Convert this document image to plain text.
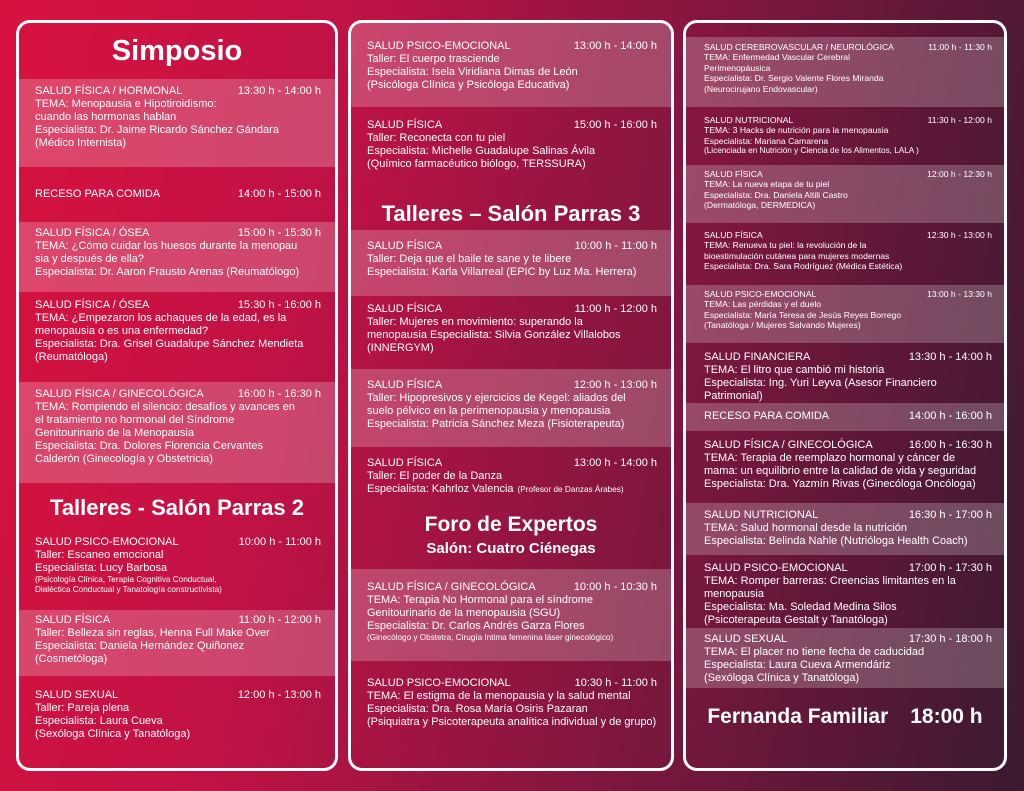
Simposio
SALUD FÍSICA / HORMONAL	13:30 h - 14:00 h
TEMA: Menopausia e Hipotiroidismo:
cuando las hormonas hablan
Especialista: Dr. Jaime Ricardo Sánchez Gándara
(Médico Internista)
RECESO PARA COMIDA	14:00 h - 15:00 h
SALUD FÍSICA / ÓSEA	15:00 h - 15:30 h
TEMA: ¿Cómo cuidar los huesos durante la menopau
sia y después de ella?
Especialista: Dr. Aaron Frausto Arenas (Reumatólogo)
SALUD FÍSICA / ÓSEA	15:30 h - 16:00 h
TEMA: ¿Empezaron los achaques de la edad, es la
menopausia o es una enfermedad?
Especialista: Dra. Grisel Guadalupe Sánchez Mendieta
(Reumatóloga)
SALUD FÍSICA / GINECOLÓGICA	16:00 h - 16:30 h
TEMA: Rompiendo el silencio: desafíos y avances en
el tratamiento no hormonal del Síndrome
Genitourinario de la Menopausia
Especialista: Dra. Dolores Florencia Cervantes
Calderón (Ginecología y Obstetricia)
Talleres - Salón Parras 2
SALUD PSICO-EMOCIONAL	10:00 h - 11:00 h
Taller: Escaneo emocional
Especialista: Lucy Barbosa
(Psicología Clínica, Terapia Cognitiva Conductual,
Dialéctica Conductual y Tanatología constructivista)
SALUD FÍSICA	11:00 h - 12:00 h
Taller: Belleza sin reglas, Henna Full Make Over
Especialista: Daniela Hernández Quiñonez
(Cosmetóloga)
SALUD SEXUAL	12:00 h - 13:00 h
Taller: Pareja plena
Especialista: Laura Cueva
(Sexóloga Clínica y Tanatóloga)
SALUD PSICO-EMOCIONAL	13:00 h - 14:00 h
Taller: El cuerpo trasciende
Especialista: Isela Viridiana Dimas de León
(Psicóloga Clínica y Psicóloga Educativa)
SALUD FÍSICA	15:00 h - 16:00 h
Taller: Reconecta con tu piel
Especialista: Michelle Guadalupe Salinas Ávila
(Químico farmacéutico biólogo, TERSSURA)
Talleres – Salón Parras 3
SALUD FÍSICA	10:00 h - 11:00 h
Taller: Deja que el baile te sane y te libere
Especialista: Karla Villarreal (EPIC by Luz Ma. Herrera)
SALUD FÍSICA	11:00 h - 12:00 h
Taller: Mujeres en movimiento: superando la
menopausia Especialista: Silvia González Villalobos
(INNERGYM)
SALUD FÍSICA	12:00 h - 13:00 h
Taller: Hipopresivos y ejercicios de Kegel: aliados del
suelo pélvico en la perimenopausia y menopausia
Especialista: Patricia Sánchez Meza (Fisioterapeuta)
SALUD FÍSICA	13:00 h - 14:00 h
Taller: El poder de la Danza
Especialista: Kahrloz Valencia (Profesor de Danzas Árabes)
Foro de Expertos
Salón: Cuatro Ciénegas
SALUD FÍSICA / GINECOLÓGICA	10:00 h - 10:30 h
TEMA: Terapia No Hormonal para el síndrome
Genitourinario de la menopausia (SGU)
Especialista: Dr. Carlos Andrés Garza Flores
(Ginecólogo y Obstetra, Cirugía Intima femenina láser ginecológico)
SALUD PSICO-EMOCIONAL	10:30 h - 11:00 h
TEMA: El estigma de la menopausia y la salud mental
Especialista: Dra. Rosa María Osiris Pazaran
(Psiquiatra y Psicoterapeuta analítica individual y de grupo)
SALUD CEREBROVASCULAR / NEUROLÓGICA	11:00 h - 11:30 h
TEMA: Enfermedad Vascular Cerebral
Perimenopáusica
Especialista: Dr. Sergio Valente Flores Miranda
(Neurocirujano Endovascular)
SALUD NUTRICIONAL	11:30 h - 12:00 h
TEMA: 3 Hacks de nutrición para la menopausia
Especialista: Mariana Camarena
(Licenciada en Nutrición y Ciencia de los Alimentos, LALA )
SALUD FÍSICA	12:00 h - 12:30 h
TEMA: La nueva etapa de tu piel
Especialista: Dra. Daniela Altili Castro
(Dermatóloga, DERMEDICA)
SALUD FÍSICA	12:30 h - 13:00 h
TEMA: Renueva tu piel: la revolución de la
bioestimulación cutánea para mujeres modernas
Especialista: Dra. Sara Rodríguez (Médica Estética)
SALUD PSICO-EMOCIONAL	13:00 h - 13:30 h
TEMA: Las pérdidas y el duelo
Especialista: María Teresa de Jesús Reyes Borrego
(Tanatóloga / Mujeres Salvando Mujeres)
SALUD FINANCIERA	13:30 h - 14:00 h
TEMA: El litro que cambió mi historia
Especialista: Ing. Yuri Leyva (Asesor Financiero Patrimonial)
RECESO PARA COMIDA	14:00 h - 16:00 h
SALUD FÍSICA / GINECOLÓGICA	16:00 h - 16:30 h
TEMA: Terapia de reemplazo hormonal y cáncer de
mama: un equilibrio entre la calidad de vida y seguridad
Especialista: Dra. Yazmín Rivas (Ginecóloga Oncóloga)
SALUD NUTRICIONAL	16:30 h - 17:00 h
TEMA: Salud hormonal desde la nutrición
Especialista: Belinda Nahle (Nutrióloga Health Coach)
SALUD PSICO-EMOCIONAL	17:00 h - 17:30 h
TEMA: Romper barreras: Creencias limitantes en la menopausia
Especialista: Ma. Soledad Medina Silos
(Psicoterapeuta Gestalt y Tanatóloga)
SALUD SEXUAL	17:30 h - 18:00 h
TEMA: El placer no tiene fecha de caducidad
Especialista: Laura Cueva Armendáriz
(Sexóloga Clínica y Tanatóloga)
Fernanda Familiar 18:00 h
